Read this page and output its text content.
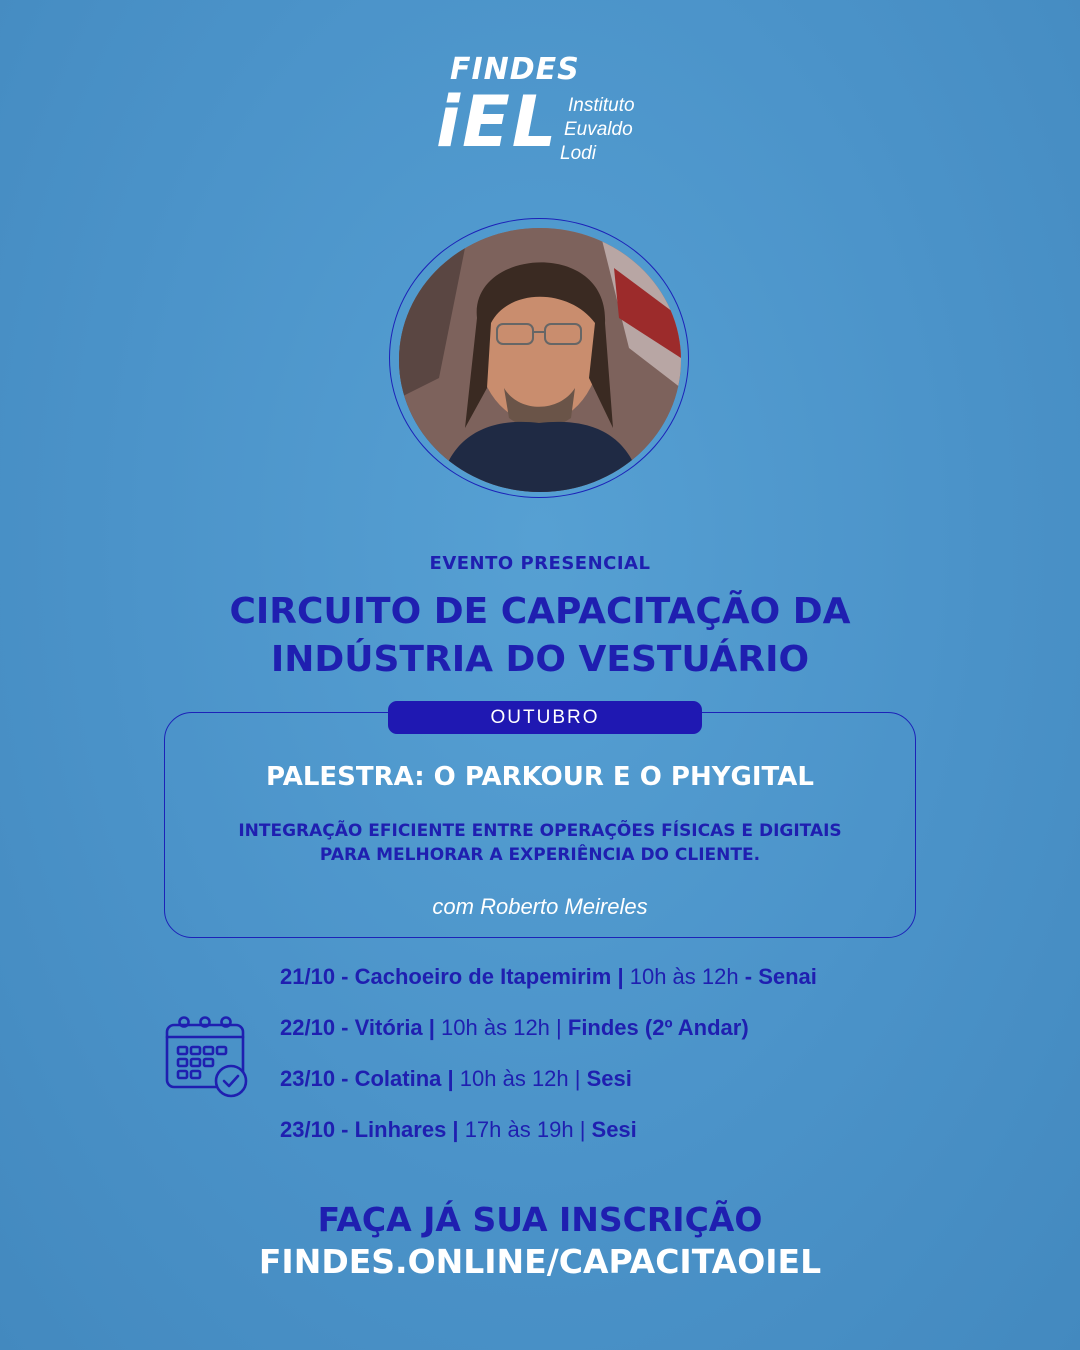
FINDES
iEL Instituto
Euvaldo
Lodi
EVENTO PRESENCIAL
CIRCUITO DE CAPACITAÇÃO DA
INDÚSTRIA DO VESTUÁRIO
OUTUBRO
PALESTRA: O PARKOUR E O PHYGITAL
INTEGRAÇÃO EFICIENTE ENTRE OPERAÇÕES FÍSICAS E DIGITAIS
PARA MELHORAR A EXPERIÊNCIA DO CLIENTE.
com Roberto Meireles
21/10 - Cachoeiro de Itapemirim | 10h às 12h - Senai
22/10 - Vitória | 10h às 12h | Findes (2º Andar)
23/10 - Colatina | 10h às 12h | Sesi
23/10 - Linhares | 17h às 19h | Sesi
FAÇA JÁ SUA INSCRIÇÃO
FINDES.ONLINE/CAPACITAOIEL
